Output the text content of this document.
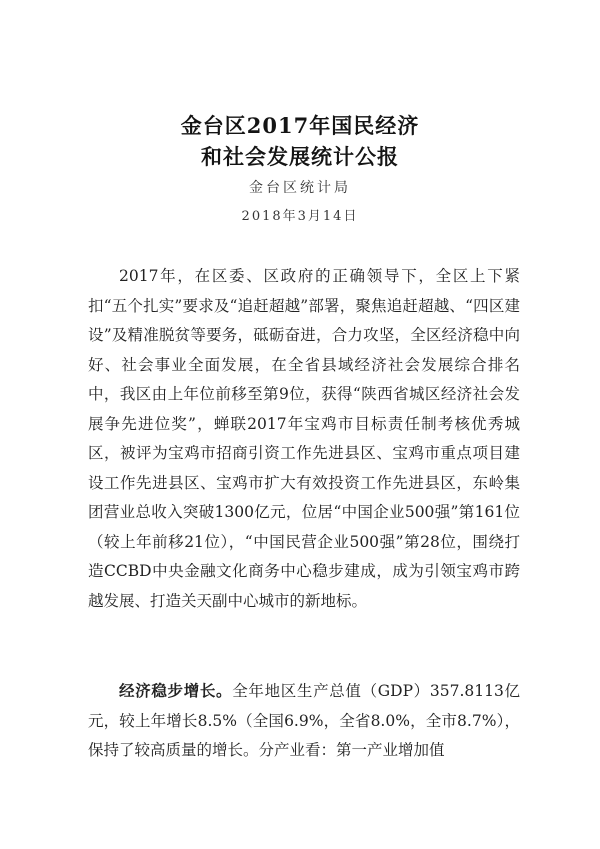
金台区2017年国民经济
和社会发展统计公报
金台区统计局
2018年3月14日

2017年，在区委、区政府的正确领导下，全区上下紧扣“五个扎实”要求及“追赶超越”部署，聚焦追赶超越、“四区建设”及精准脱贫等要务，砥砺奋进，合力攻坚，全区经济稳中向好、社会事业全面发展，在全省县域经济社会发展综合排名中，我区由上年位前移至第9位，获得“陕西省城区经济社会发展争先进位奖”，蝉联2017年宝鸡市目标责任制考核优秀城区，被评为宝鸡市招商引资工作先进县区、宝鸡市重点项目建设工作先进县区、宝鸡市扩大有效投资工作先进县区，东岭集团营业总收入突破1300亿元，位居“中国企业500强”第161位（较上年前移21位），“中国民营企业500强”第28位，围绕打造CCBD中央金融文化商务中心稳步建成，成为引领宝鸡市跨越发展、打造关天副中心城市的新地标。

经济稳步增长。全年地区生产总值（GDP）357.8113亿元，较上年增长8.5%（全国6.9%，全省8.0%，全市8.7%），保持了较高质量的增长。分产业看：第一产业增加值
